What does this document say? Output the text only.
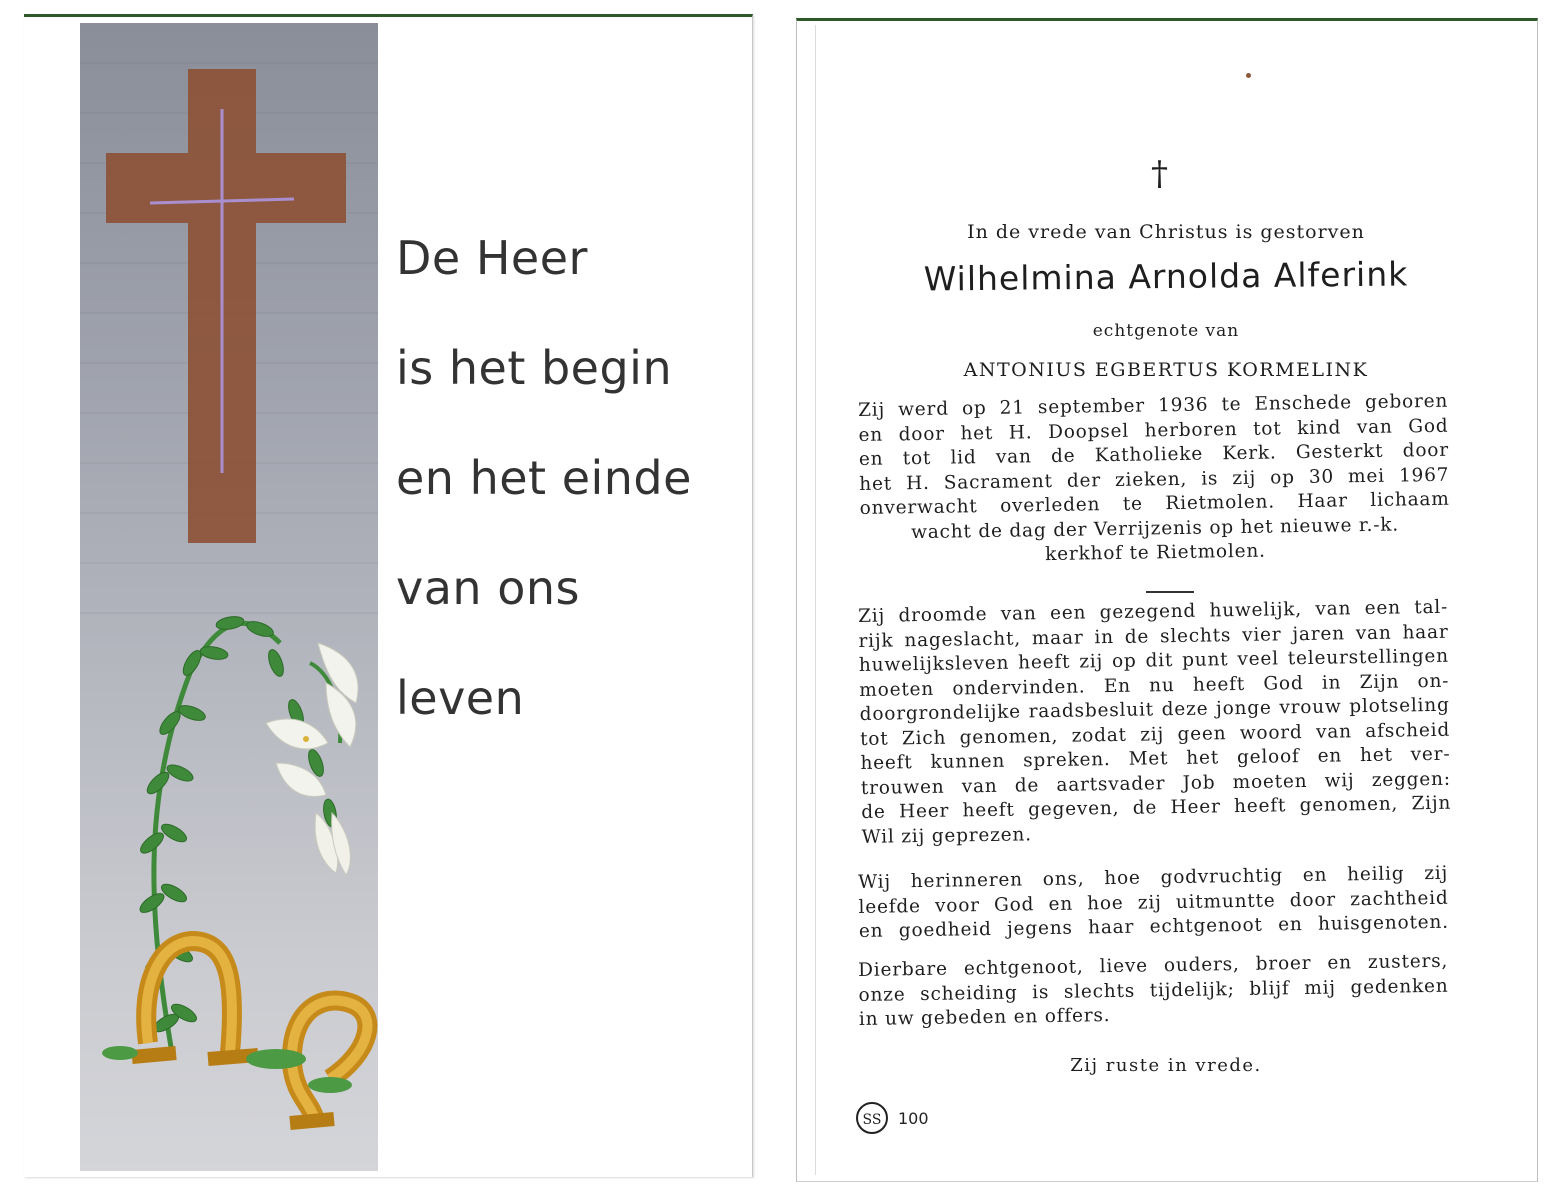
De Heer
is het begin
en het einde
van ons
leven
†
In de vrede van Christus is gestorven
Wilhelmina Arnolda Alferink
echtgenote van
ANTONIUS EGBERTUS KORMELINK
Zij werd op 21 september 1936 te Enschede geboren
en door het H. Doopsel herboren tot kind van God
en tot lid van de Katholieke Kerk. Gesterkt door
het H. Sacrament der zieken, is zij op 30 mei 1967
onverwacht overleden te Rietmolen. Haar lichaam
wacht de dag der Verrijzenis op het nieuwe r.-k.
kerkhof te Rietmolen.
Zij droomde van een gezegend huwelijk, van een tal-
rijk nageslacht, maar in de slechts vier jaren van haar
huwelijksleven heeft zij op dit punt veel teleurstellingen
moeten ondervinden. En nu heeft God in Zijn on-
doorgrondelijke raadsbesluit deze jonge vrouw plotseling
tot Zich genomen, zodat zij geen woord van afscheid
heeft kunnen spreken. Met het geloof en het ver-
trouwen van de aartsvader Job moeten wij zeggen:
de Heer heeft gegeven, de Heer heeft genomen, Zijn
Wil zij geprezen.
Wij herinneren ons, hoe godvruchtig en heilig zij
leefde voor God en hoe zij uitmuntte door zachtheid
en goedheid jegens haar echtgenoot en huisgenoten.
Dierbare echtgenoot, lieve ouders, broer en zusters,
onze scheiding is slechts tijdelijk; blijf mij gedenken
in uw gebeden en offers.
Zij ruste in vrede.
SS	100
